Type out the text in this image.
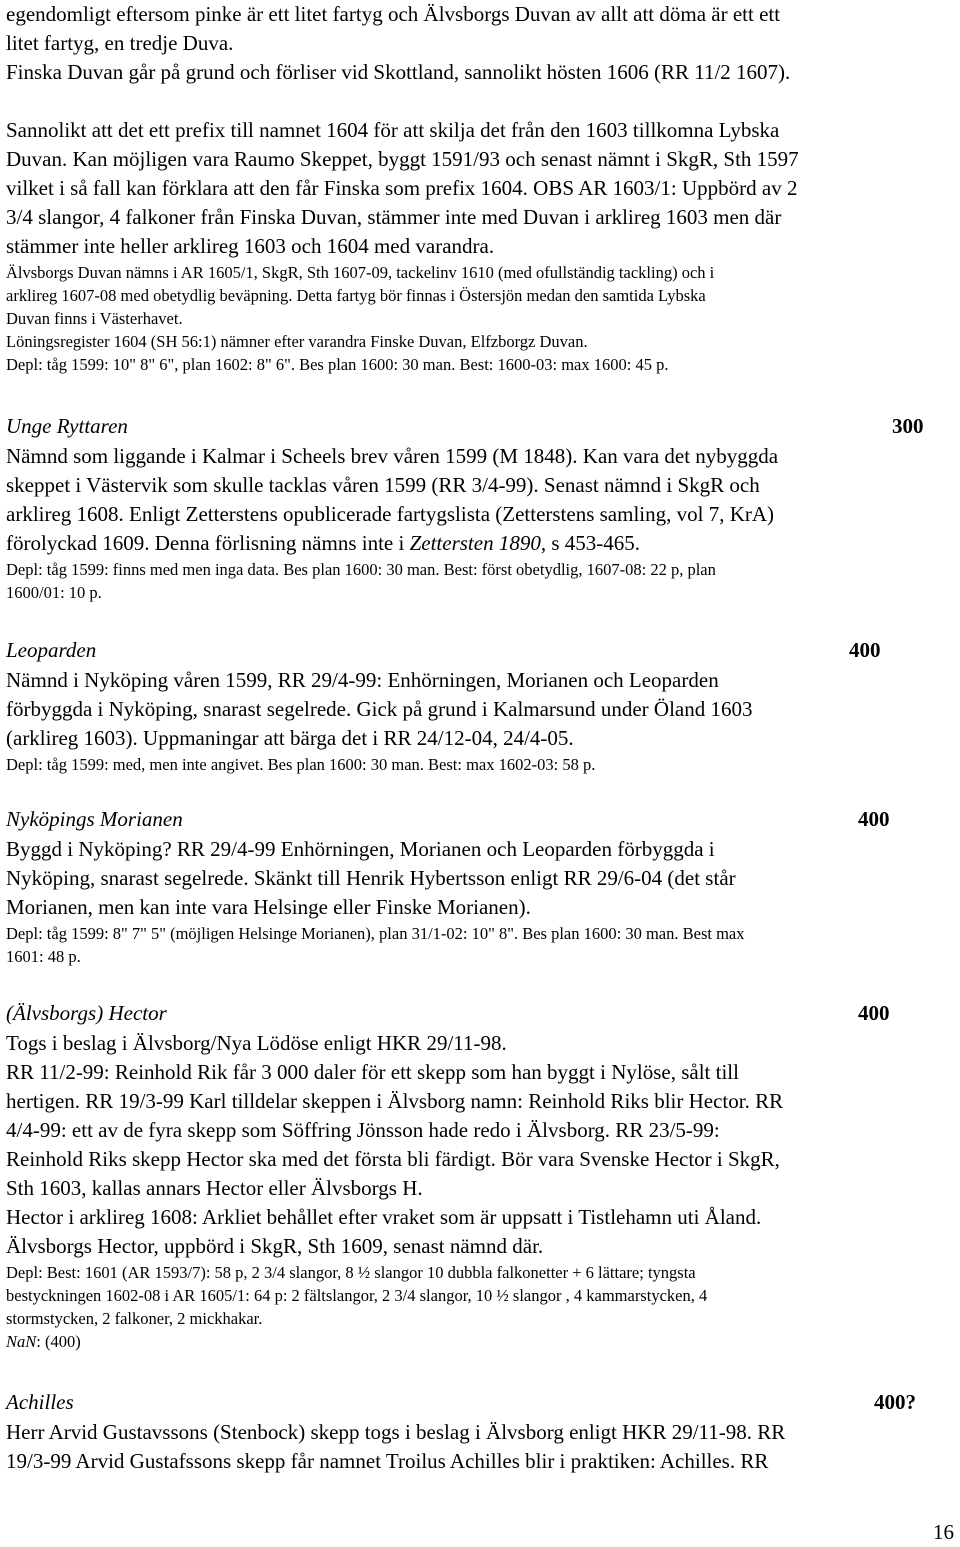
egendomligt eftersom pinke är ett litet fartyg och Älvsborgs Duvan av allt att döma är ett ett

litet fartyg, en tredje Duva.

Finska Duvan går på grund och förliser vid Skottland, sannolikt hösten 1606 (RR 11/2 1607).

Sannolikt att det ett prefix till namnet 1604 för att skilja det från den 1603 tillkomna Lybska

Duvan. Kan möjligen vara Raumo Skeppet, byggt 1591/93 och senast nämnt i SkgR, Sth 1597

vilket i så fall kan förklara att den får Finska som prefix 1604. OBS AR 1603/1: Uppbörd av 2

3/4 slangor, 4 falkoner från Finska Duvan, stämmer inte med Duvan i arklireg 1603 men där

stämmer inte heller arklireg 1603 och 1604 med varandra.

Älvsborgs Duvan nämns i AR 1605/1, SkgR, Sth 1607-09, tackelinv 1610 (med ofullständig tackling) och i

arklireg 1607-08 med obetydlig beväpning. Detta fartyg bör finnas i Östersjön medan den samtida Lybska

Duvan finns i Västerhavet.

Löningsregister 1604 (SH 56:1) nämner efter varandra Finske Duvan, Elfzborgz Duvan.

Depl: tåg 1599: 10" 8" 6", plan 1602: 8" 6". Bes plan 1600: 30 man. Best: 1600-03: max 1600: 45 p.

Unge Ryttaren	300

Nämnd som liggande i Kalmar i Scheels brev våren 1599 (M 1848). Kan vara det nybyggda

skeppet i Västervik som skulle tacklas våren 1599 (RR 3/4-99). Senast nämnd i SkgR och

arklireg 1608. Enligt Zetterstens opublicerade fartygslista (Zetterstens samling, vol 7, KrA)

förolyckad 1609. Denna förlisning nämns inte i Zettersten 1890, s 453-465.

Depl: tåg 1599: finns med men inga data. Bes plan 1600: 30 man. Best: först obetydlig, 1607-08: 22 p, plan

1600/01: 10 p.

Leoparden	400

Nämnd i Nyköping våren 1599, RR 29/4-99: Enhörningen, Morianen och Leoparden

förbyggda i Nyköping, snarast segelrede. Gick på grund i Kalmarsund under Öland 1603

(arklireg 1603). Uppmaningar att bärga det i RR 24/12-04, 24/4-05.

Depl: tåg 1599: med, men inte angivet. Bes plan 1600: 30 man. Best: max 1602-03: 58 p.

Nyköpings Morianen	400

Byggd i Nyköping? RR 29/4-99 Enhörningen, Morianen och Leoparden förbyggda i

Nyköping, snarast segelrede. Skänkt till Henrik Hybertsson enligt RR 29/6-04 (det står

Morianen, men kan inte vara Helsinge eller Finske Morianen).

Depl: tåg 1599: 8" 7" 5" (möjligen Helsinge Morianen), plan 31/1-02: 10" 8". Bes plan 1600: 30 man. Best max

1601: 48 p.

(Älvsborgs) Hector	400

Togs i beslag i Älvsborg/Nya Lödöse enligt HKR 29/11-98.

RR 11/2-99: Reinhold Rik får 3 000 daler för ett skepp som han byggt i Nylöse, sålt till

hertigen. RR 19/3-99 Karl tilldelar skeppen i Älvsborg namn: Reinhold Riks blir Hector. RR

4/4-99: ett av de fyra skepp som Söffring Jönsson hade redo i Älvsborg. RR 23/5-99:

Reinhold Riks skepp Hector ska med det första bli färdigt. Bör vara Svenske Hector i SkgR,

Sth 1603, kallas annars Hector eller Älvsborgs H.

Hector i arklireg 1608: Arkliet behållet efter vraket som är uppsatt i Tistlehamn uti Åland.

Älvsborgs Hector, uppbörd i SkgR, Sth 1609, senast nämnd där.

Depl: Best: 1601 (AR 1593/7): 58 p, 2 3/4 slangor, 8 ½ slangor 10 dubbla falkonetter + 6 lättare; tyngsta

bestyckningen 1602-08 i AR 1605/1: 64 p: 2 fältslangor, 2 3/4 slangor, 10 ½ slangor , 4 kammarstycken, 4

stormstycken, 2 falkoner, 2 mickhakar.

NaN: (400)

Achilles	400?

Herr Arvid Gustavssons (Stenbock) skepp togs i beslag i Älvsborg enligt HKR 29/11-98. RR

19/3-99 Arvid Gustafssons skepp får namnet Troilus Achilles blir i praktiken: Achilles. RR

16
